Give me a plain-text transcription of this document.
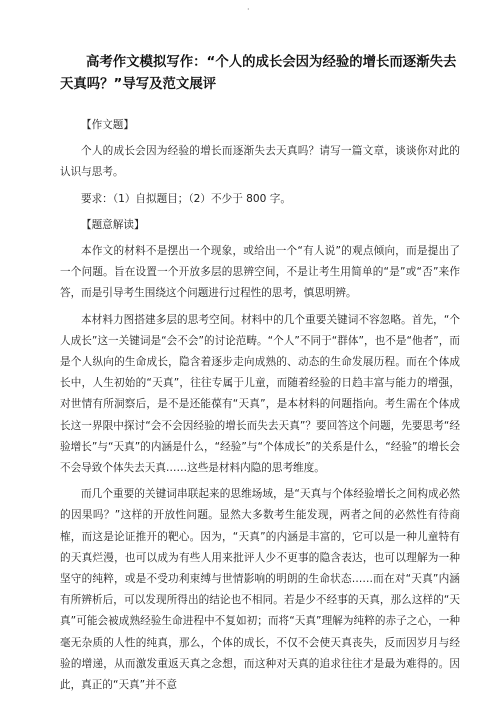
·
高考作文模拟写作：“个人的成长会因为经验的增长而逐渐失去天真吗？”导写及范文展评

【作文题】

个人的成长会因为经验的增长而逐渐失去天真吗？请写一篇文章，谈谈你对此的认识与思考。

要求：（1）自拟题目；（2）不少于 800 字。

【题意解读】

本作文的材料不是摆出一个现象，或给出一个“有人说”的观点倾向，而是提出了一个问题。旨在设置一个开放多层的思辨空间，不是让考生用简单的“是”或“否”来作答，而是引导考生围绕这个问题进行过程性的思考，慎思明辨。

本材料力图搭建多层的思考空间。材料中的几个重要关键词不容忽略。首先，“个人成长”这一关键词是“会不会”的讨论范畴。“个人”不同于“群体”，也不是“他者”，而是个人纵向的生命成长，隐含着逐步走向成熟的、动态的生命发展历程。而在个体成长中，人生初始的“天真”，往往专属于儿童，而随着经验的日趋丰富与能力的增强，对世情有所洞察后，是不是还能葆有“天真”，是本材料的问题指向。考生需在个体成长这一界限中探讨“会不会因经验的增长而失去天真”？要回答这个问题，先要思考“经验增长”与“天真”的内涵是什么，“经验”与“个体成长”的关系是什么，“经验”的增长会不会导致个体失去天真……这些是材料内隐的思考维度。

而几个重要的关键词串联起来的思维场域，是“天真与个体经验增长之间构成必然的因果吗？”这样的开放性问题。显然大多数考生能发现，两者之间的必然性有待商榷，而这是论证推开的靶心。因为，“天真”的内涵是丰富的，它可以是一种儿童特有的天真烂漫，也可以成为有些人用来批评人少不更事的隐含表达，也可以理解为一种坚守的纯粹，或是不受功利束缚与世情影响的明朗的生命状态……而在对“天真”内涵有所辨析后，可以发现所得出的结论也不相同。若是少不经事的天真，那么这样的“天真”可能会被成熟经验生命进程中不复如初；而将“天真”理解为纯粹的赤子之心，一种毫无杂质的人性的纯真，那么，个体的成长，不仅不会使天真丧失，反而因岁月与经验的增递，从而激发重返天真之念想，而这种对天真的追求往往才是最为难得的。因此，真正的“天真”并不意
